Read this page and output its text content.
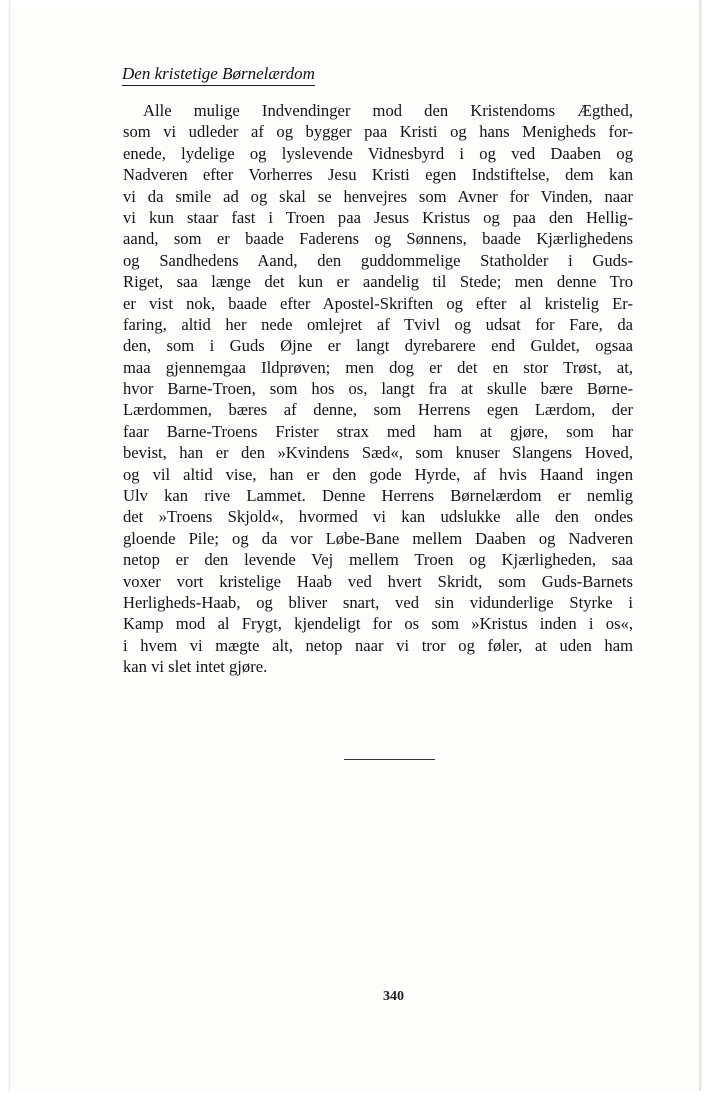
Den kristetige Børnelærdom
Alle mulige Indvendinger mod den Kristendoms Ægthed,
som vi udleder af og bygger paa Kristi og hans Menigheds for-
enede, lydelige og lyslevende Vidnesbyrd i og ved Daaben og
Nadveren efter Vorherres Jesu Kristi egen Indstiftelse, dem kan
vi da smile ad og skal se henvejres som Avner for Vinden, naar
vi kun staar fast i Troen paa Jesus Kristus og paa den Hellig-
aand, som er baade Faderens og Sønnens, baade Kjærlighedens
og Sandhedens Aand, den guddommelige Statholder i Guds-
Riget, saa længe det kun er aandelig til Stede; men denne Tro
er vist nok, baade efter Apostel-Skriften og efter al kristelig Er-
faring, altid her nede omlejret af Tvivl og udsat for Fare, da
den, som i Guds Øjne er langt dyrebarere end Guldet, ogsaa
maa gjennemgaa Ildprøven; men dog er det en stor Trøst, at,
hvor Barne-Troen, som hos os, langt fra at skulle bære Børne-
Lærdommen, bæres af denne, som Herrens egen Lærdom, der
faar Barne-Troens Frister strax med ham at gjøre, som har
bevist, han er den »Kvindens Sæd«, som knuser Slangens Hoved,
og vil altid vise, han er den gode Hyrde, af hvis Haand ingen
Ulv kan rive Lammet. Denne Herrens Børnelærdom er nemlig
det »Troens Skjold«, hvormed vi kan udslukke alle den ondes
gloende Pile; og da vor Løbe-Bane mellem Daaben og Nadveren
netop er den levende Vej mellem Troen og Kjærligheden, saa
voxer vort kristelige Haab ved hvert Skridt, som Guds-Barnets
Herligheds-Haab, og bliver snart, ved sin vidunderlige Styrke i
Kamp mod al Frygt, kjendeligt for os som »Kristus inden i os«,
i hvem vi mægte alt, netop naar vi tror og føler, at uden ham
kan vi slet intet gjøre.
340
